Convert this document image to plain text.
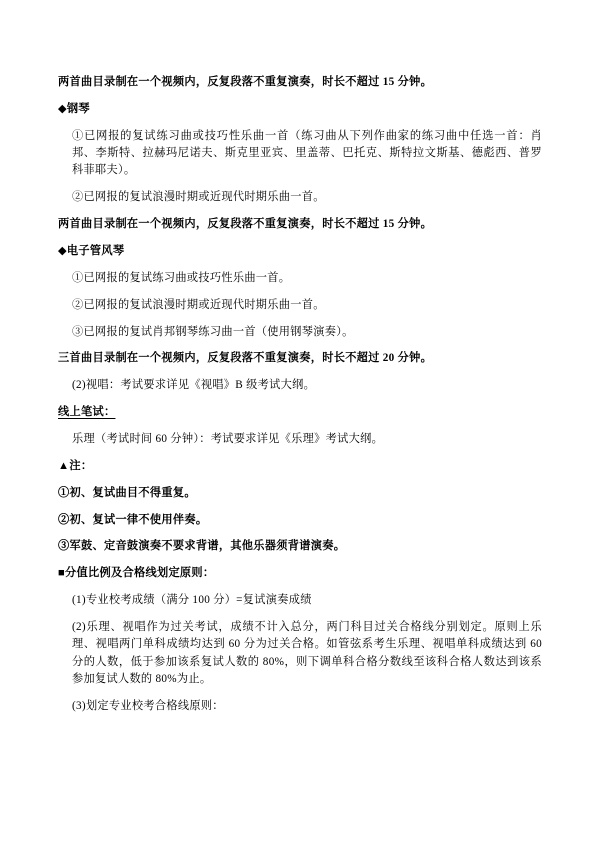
两首曲目录制在一个视频内，反复段落不重复演奏，时长不超过 15 分钟。

◆钢琴

①已网报的复试练习曲或技巧性乐曲一首（练习曲从下列作曲家的练习曲中任选一首：肖邦、李斯特、拉赫玛尼诺夫、斯克里亚宾、里盖蒂、巴托克、斯特拉文斯基、德彪西、普罗科菲耶夫）。

②已网报的复试浪漫时期或近现代时期乐曲一首。

两首曲目录制在一个视频内，反复段落不重复演奏，时长不超过 15 分钟。

◆电子管风琴

①已网报的复试练习曲或技巧性乐曲一首。

②已网报的复试浪漫时期或近现代时期乐曲一首。

③已网报的复试肖邦钢琴练习曲一首（使用钢琴演奏）。

三首曲目录制在一个视频内，反复段落不重复演奏，时长不超过 20 分钟。

(2)视唱：考试要求详见《视唱》B 级考试大纲。

线上笔试：

乐理（考试时间 60 分钟）：考试要求详见《乐理》考试大纲。

▲注：

①初、复试曲目不得重复。

②初、复试一律不使用伴奏。

③军鼓、定音鼓演奏不要求背谱，其他乐器须背谱演奏。

■分值比例及合格线划定原则：

(1)专业校考成绩（满分 100 分）=复试演奏成绩

(2)乐理、视唱作为过关考试，成绩不计入总分，两门科目过关合格线分别划定。原则上乐理、视唱两门单科成绩均达到 60 分为过关合格。如管弦系考生乐理、视唱单科成绩达到 60 分的人数，低于参加该系复试人数的 80%，则下调单科合格分数线至该科合格人数达到该系参加复试人数的 80%为止。

(3)划定专业校考合格线原则：
